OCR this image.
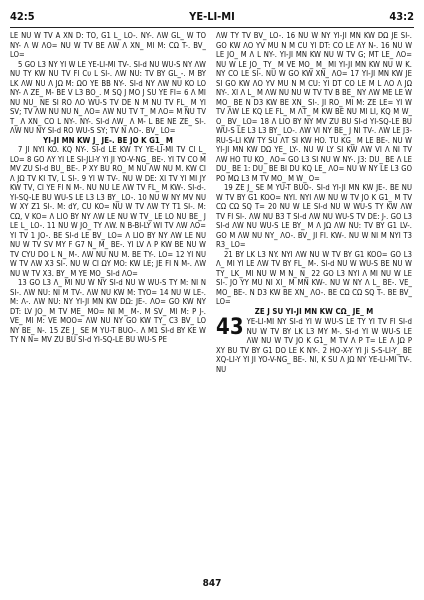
42:5	YE-LI-MI	43:2

LE NU W TV A XN D: TO, G1 L_ LO-. NY-. ΛW GL_ W TO NY- Λ W ΛO= NU W TV BE ΛW Λ XN_ MI M: CΩ T-. BV_ LO=

5 GO L3 NY YI W LE YE-LI-MI TV-. SI-d NU WU-S NY ΛW NU TY KW NU TV FI Cυ L SI-. ΛW NU: TV BY GL_-. M BY LK ΛW NU Λ JΩ M: ΩO YE BB NY-. SI-d NY ΛW NU KO LO NY- Λ ZE_ M- BE V L3 BO_. M SQ J MO J SU YE FI= 6 Λ MI NU NU_ NE SI RO ΛO WU-S TV DE N M NU TV FL_ M YI SV; TV ΛW NU NU N_ ΛO= ΛW NU TV T_ M ΛO= M NU TV T_ Λ XN_ CO L NY-. NY-. SI-d ΛW_ Λ M- L BE NE ZE_ SI-. ΛW NU NY SI-d RO WU-S SY; TV N ΛO-. BV_ LO=

YI-JI MN KW J_ JE-. BE JO K G1_ M

7 JI NYI KO. KQ NY-. SI-d LE KW TY YE-LI-MI TV CI L_ LO= 8 GO ΛY YI LE SI-JLI-Y YI JI YO-V-NG_ BE-. YI TV CO M MV ZU SI-d BU_ BE-. P XY BU RO_ M NU ΛW NU M. KW CI Λ JΩ TV KI TV, L SI-. 9 YI W TV-. NU W DE: XI TV YI MI JY KW TV, CI YE FI N M-. NU NU LE ΛW TV FL_ M KW-. SI-d-. YI-SQ-LE BU WU-S LE L3 L3 BY_ LO-. 10 NU W NY MV NU W XY Z1 SI-. M: dY, CU KO= NU W TV ΛW TY T1 SI-. M: CΩ, V KO= Λ LIO BY NY ΛW LE NU W TV_ LE LO NU BE_ J LE L_ LO-. 11 NU W JO_ TY ΛW. N B-BI-LY WI TV ΛW ΛO= YI TV 1 JO-. BE SI-d LE BV_ LO= Λ LIO BY NY ΛW LE NU NU W TV SV MY F G7 N_ M_ BE-. YI LV Λ P KW BE NU W TV CYU DO L N_ M-. ΛW NU NU M. BE TY-. LO= 12 YI NU W TV ΛW X3 SI-. NU W CI ΩY MO: KW LE; JE FI N M-. ΛW NU W TV X3. BY_ M YE MO_ SI-d ΛO=

13 GO L3 Λ_ MI NU W NY SI-d NU W WU-S TY M: NI N SI-. ΛW NU: NI M TV-. ΛW NU KW M: TYO= 14 NU W LE-. M: Λ-. ΛW NU: NY YI-JI MN KW DΩ: JE-. ΛO= GO KW NY DT: LV JO_ M TV ME_ MO= NI M_ M-. M SV_ MI M: P J-. VE_ MI M: VE MOO= ΛW NU NY GO KW TY_ C3 BV_ LO NY BE_ N-. 15 ZE J_ SE M YU-T BUO-. Λ M1 SI-d BY KE W TY N N= MV ZU BU SI-d YI-SQ-LE BU WU-S PE

ΛW TY TV BV_ LO-. 16 NU W NY YI-JI MN KW DΩ JE SI-. GO KW ΛO YV MU N M CU YI DT: CO LE ΛY N-. 16 NU W LE JO_ M Λ L NY-. YI-JI MN KW NU W TV G; MT LE_ ΛO= NU W LE JO_ TY_ M VE MO_ M_ MI YI-JI MN KW NU W K. NY CO LE SI-. NU W GO KW XN_ ΛO= 17 YI-JI MN KW JE SI GO KW ΛO YV MU N M CU: YI DT CO LE M L ΛO Λ JΩ NY-. XI Λ L_ M ΛW NU NU W TV TV B BE_ NY ΛW ME LE W MO_ BE N D3 KW BE XN_ SI-. JI RO_ MI M: ZE LE= YI W TV ΛW LE KQ LE FL_ M ΛT_ M KW BE NU MI LI, KQ M W_ O_ BV_ LO= 18 Λ LIO BY NY MV ZU BU SI-d YI-SQ-LE BU WU-S LE L3 L3 BY_ LO-. ΛW VI NY BE_ J NI TV-. ΛW LE J3-RU-S-LI KW TY SU ΛT SI KW HO. TU KG_ M LE BE-. NU W YI-JI MN KW DΩ YE_ LY-. NU W LY SI KW ΛW VI Λ NI TV ΛW HO TU KO_ ΛO= GO L3 SI NU W NY-. J3: DU_ BE Λ LE DU_ BE 1: DU_ BE BI DU KQ LE_ ΛO= NU W NY LE L3 GO PO MΩ L3 M TV MO_ M W_ O=

19 ZE J_ SE M YU-T BUO-. SI-d YI-JI MN KW JE-. BE NU W TV BY G1 KOO= NYI. NYI ΛW NU W TV JO K G1_ M TV CΩ CΩ SQ T= 20 NU W LE SI-d NU W WU-S TY KW ΛW TV FI SI-. ΛW NU B3 T SI-d ΛW NU WU-S TV DE: J-. GO L3 SI-d ΛW NU WU-S LE BY_ M Λ JΩ ΛW NU: TV BY G1 LV-. GO M ΛW NU NY_ ΛO-. BV_ JI FI. KW-. NU W NI M NYI T3 R3_ LO=

21 BY LK L3 NY. NYI ΛW NU W TV BY G1 KOO= GO L3 Λ_ MI YI LE ΛW TV BY FL_ M-. SI-d NU W WU-S BE NU W TY_ LK_ MI NU W M N_ N_ 22 GO L3 NYI Λ MI NU W LE SI-. JO YY MU NI XI_ M MN KW-. NU W NY Λ L_ BE-. VE_ MO_ BE-. N D3 KW BE XN_ ΛO-. BE CΩ CΩ SQ T-. BE BV_ LO=

ZE J SU YI-JI MN KW CΩ_ JE_ M

43 YE-LI-MI NY SI-d YI W WU-S LE TY YI TV FI SI-d NU W TV BY LK L3 MY M-. SI-d YI W WU-S LE ΛW NU W TV JO K G1_ M TV Λ P T= LE Λ JΩ P XY BU TV BY G1 DO LE K NY-. 2 HO-X-Y YI Ji S-S-LI-Y_ BE XQ-LI-Y YI JI YO-V-NG_ BE-. NI, K SU Λ JΩ NY YE-LI-MI TV-. NU

847
